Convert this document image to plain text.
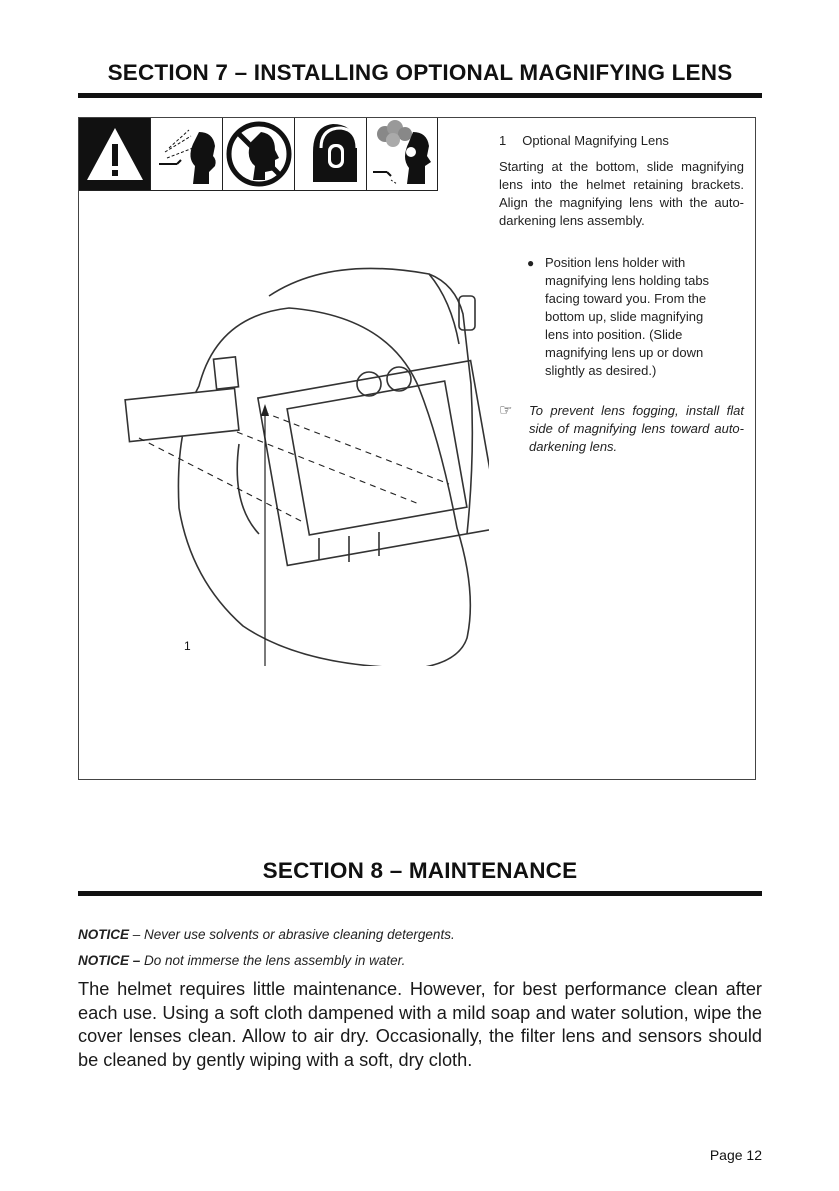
SECTION 7 – INSTALLING OPTIONAL MAGNIFYING LENS
1 Optional Magnifying Lens

Starting at the bottom, slide magnifying lens into the helmet retaining brackets. Align the magnifying lens with the auto-darkening lens assembly.

● Position lens holder with magnifying lens holding tabs facing toward you. From the bottom up, slide magnifying lens into position. (Slide magnifying lens up or down slightly as desired.)
☞	To prevent lens fogging, install flat side of magnifying lens toward auto-darkening lens.
1
SECTION 8 – MAINTENANCE
NOTICE – Never use solvents or abrasive cleaning detergents.
NOTICE – Do not immerse the lens assembly in water.
The helmet requires little maintenance. However, for best performance clean after each use. Using a soft cloth dampened with a mild soap and water solution, wipe the cover lenses clean. Allow to air dry. Occasionally, the filter lens and sensors should be cleaned by gently wiping with a soft, dry cloth.
Page 12
